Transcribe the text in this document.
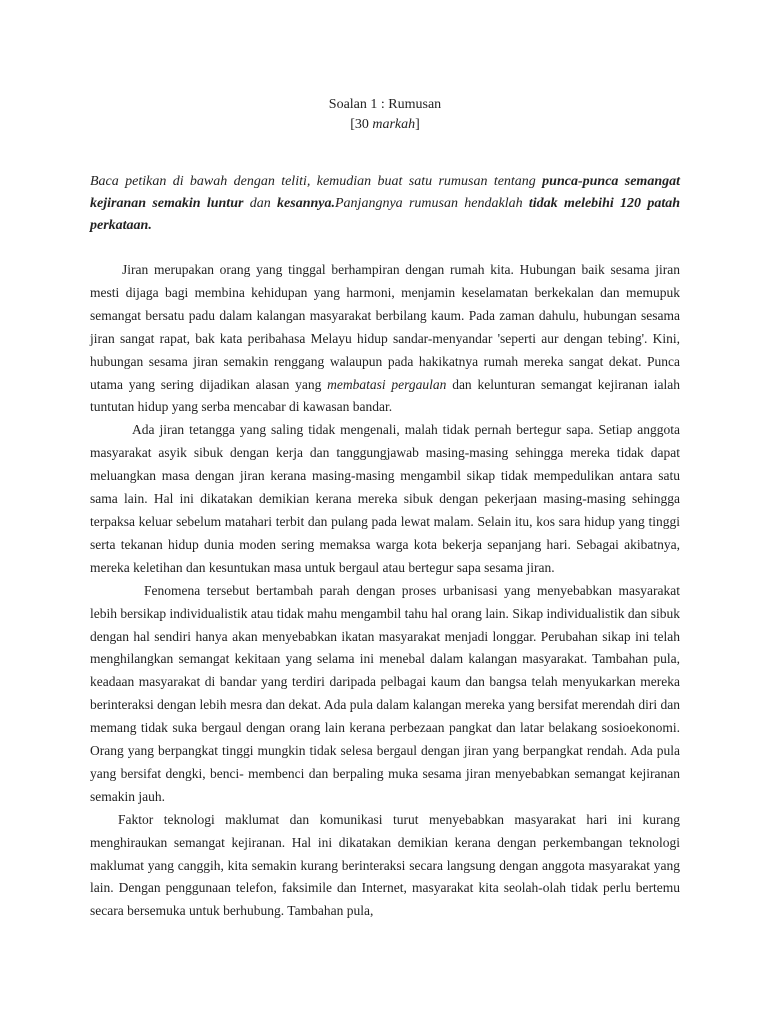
Soalan 1 : Rumusan
[30 markah]
Baca petikan di bawah dengan teliti, kemudian buat satu rumusan tentang punca-punca semangat kejiranan semakin luntur dan kesannya.Panjangnya rumusan hendaklah tidak melebihi 120 patah perkataan.

Jiran merupakan orang yang tinggal berhampiran dengan rumah kita. Hubungan baik sesama jiran mesti dijaga bagi membina kehidupan yang harmoni, menjamin keselamatan berkekalan dan memupuk semangat bersatu padu dalam kalangan masyarakat berbilang kaum. Pada zaman dahulu, hubungan sesama jiran sangat rapat, bak kata peribahasa Melayu hidup sandar-menyandar 'seperti aur dengan tebing'. Kini, hubungan sesama jiran semakin renggang walaupun pada hakikatnya rumah mereka sangat dekat. Punca utama yang sering dijadikan alasan yang membatasi pergaulan dan kelunturan semangat kejiranan ialah tuntutan hidup yang serba mencabar di kawasan bandar.

Ada jiran tetangga yang saling tidak mengenali, malah tidak pernah bertegur sapa. Setiap anggota masyarakat asyik sibuk dengan kerja dan tanggungjawab masing-masing sehingga mereka tidak dapat meluangkan masa dengan jiran kerana masing-masing mengambil sikap tidak mempedulikan antara satu sama lain. Hal ini dikatakan demikian kerana mereka sibuk dengan pekerjaan masing-masing sehingga terpaksa keluar sebelum matahari terbit dan pulang pada lewat malam. Selain itu, kos sara hidup yang tinggi serta tekanan hidup dunia moden sering memaksa warga kota bekerja sepanjang hari. Sebagai akibatnya, mereka keletihan dan kesuntukan masa untuk bergaul atau bertegur sapa sesama jiran.

Fenomena tersebut bertambah parah dengan proses urbanisasi yang menyebabkan masyarakat lebih bersikap individualistik atau tidak mahu mengambil tahu hal orang lain. Sikap individualistik dan sibuk dengan hal sendiri hanya akan menyebabkan ikatan masyarakat menjadi longgar. Perubahan sikap ini telah menghilangkan semangat kekitaan yang selama ini menebal dalam kalangan masyarakat. Tambahan pula, keadaan masyarakat di bandar yang terdiri daripada pelbagai kaum dan bangsa telah menyukarkan mereka berinteraksi dengan lebih mesra dan dekat. Ada pula dalam kalangan mereka yang bersifat merendah diri dan memang tidak suka bergaul dengan orang lain kerana perbezaan pangkat dan latar belakang sosioekonomi. Orang yang berpangkat tinggi mungkin tidak selesa bergaul dengan jiran yang berpangkat rendah. Ada pula yang bersifat dengki, benci- membenci dan berpaling muka sesama jiran menyebabkan semangat kejiranan semakin jauh.

Faktor teknologi maklumat dan komunikasi turut menyebabkan masyarakat hari ini kurang menghiraukan semangat kejiranan. Hal ini dikatakan demikian kerana dengan perkembangan teknologi maklumat yang canggih, kita semakin kurang berinteraksi secara langsung dengan anggota masyarakat yang lain. Dengan penggunaan telefon, faksimile dan Internet, masyarakat kita seolah-olah tidak perlu bertemu secara bersemuka untuk berhubung. Tambahan pula,
